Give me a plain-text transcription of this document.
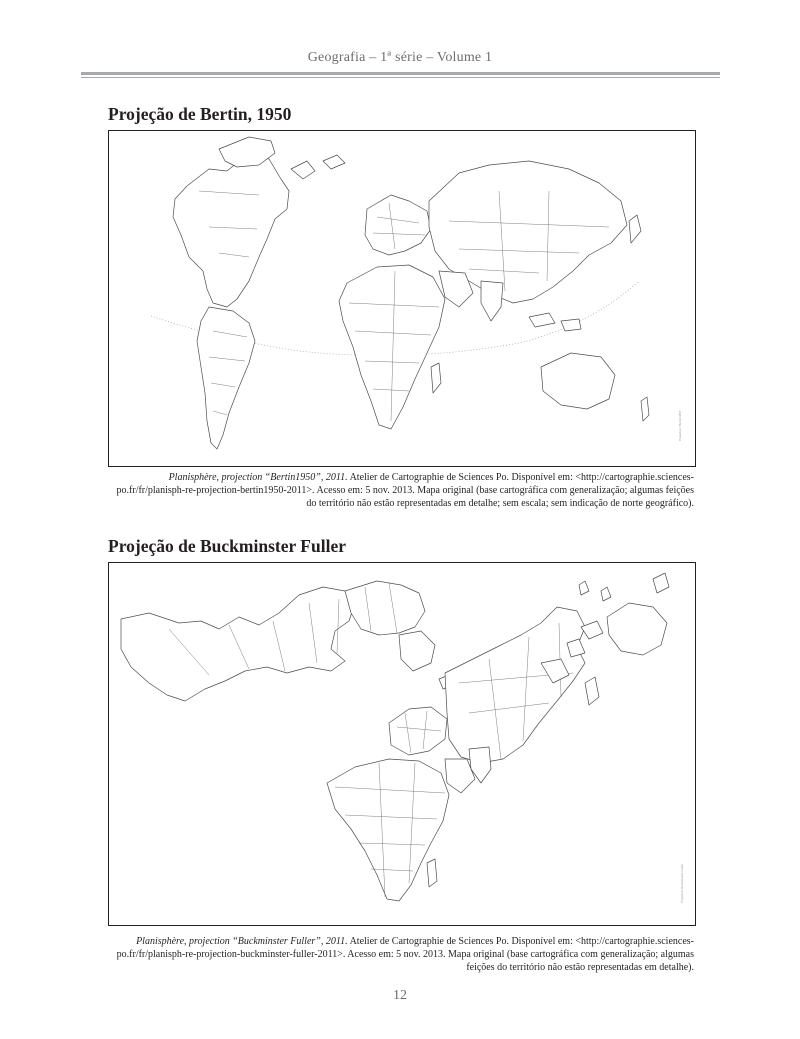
Geografia – 1ª série – Volume 1
Projeção de Bertin, 1950
Projection "Bertin1950"
Planisphère, projection “Bertin1950”, 2011. Atelier de Cartographie de Sciences Po. Disponível em: <http://cartographie.sciences-po.fr/fr/planisph-re-projection-bertin1950-2011>. Acesso em: 5 nov. 2013. Mapa original (base cartográfica com generalização; algumas feições do território não estão representadas em detalhe; sem escala; sem indicação de norte geográfico).
Projeção de Buckminster Fuller
Projection Buckminster Fuller
Planisphère, projection “Buckminster Fuller”, 2011. Atelier de Cartographie de Sciences Po. Disponível em: <http://cartographie.sciences-po.fr/fr/planisph-re-projection-buckminster-fuller-2011>. Acesso em: 5 nov. 2013. Mapa original (base cartográfica com generalização; algumas feições do território não estão representadas em detalhe).
12
